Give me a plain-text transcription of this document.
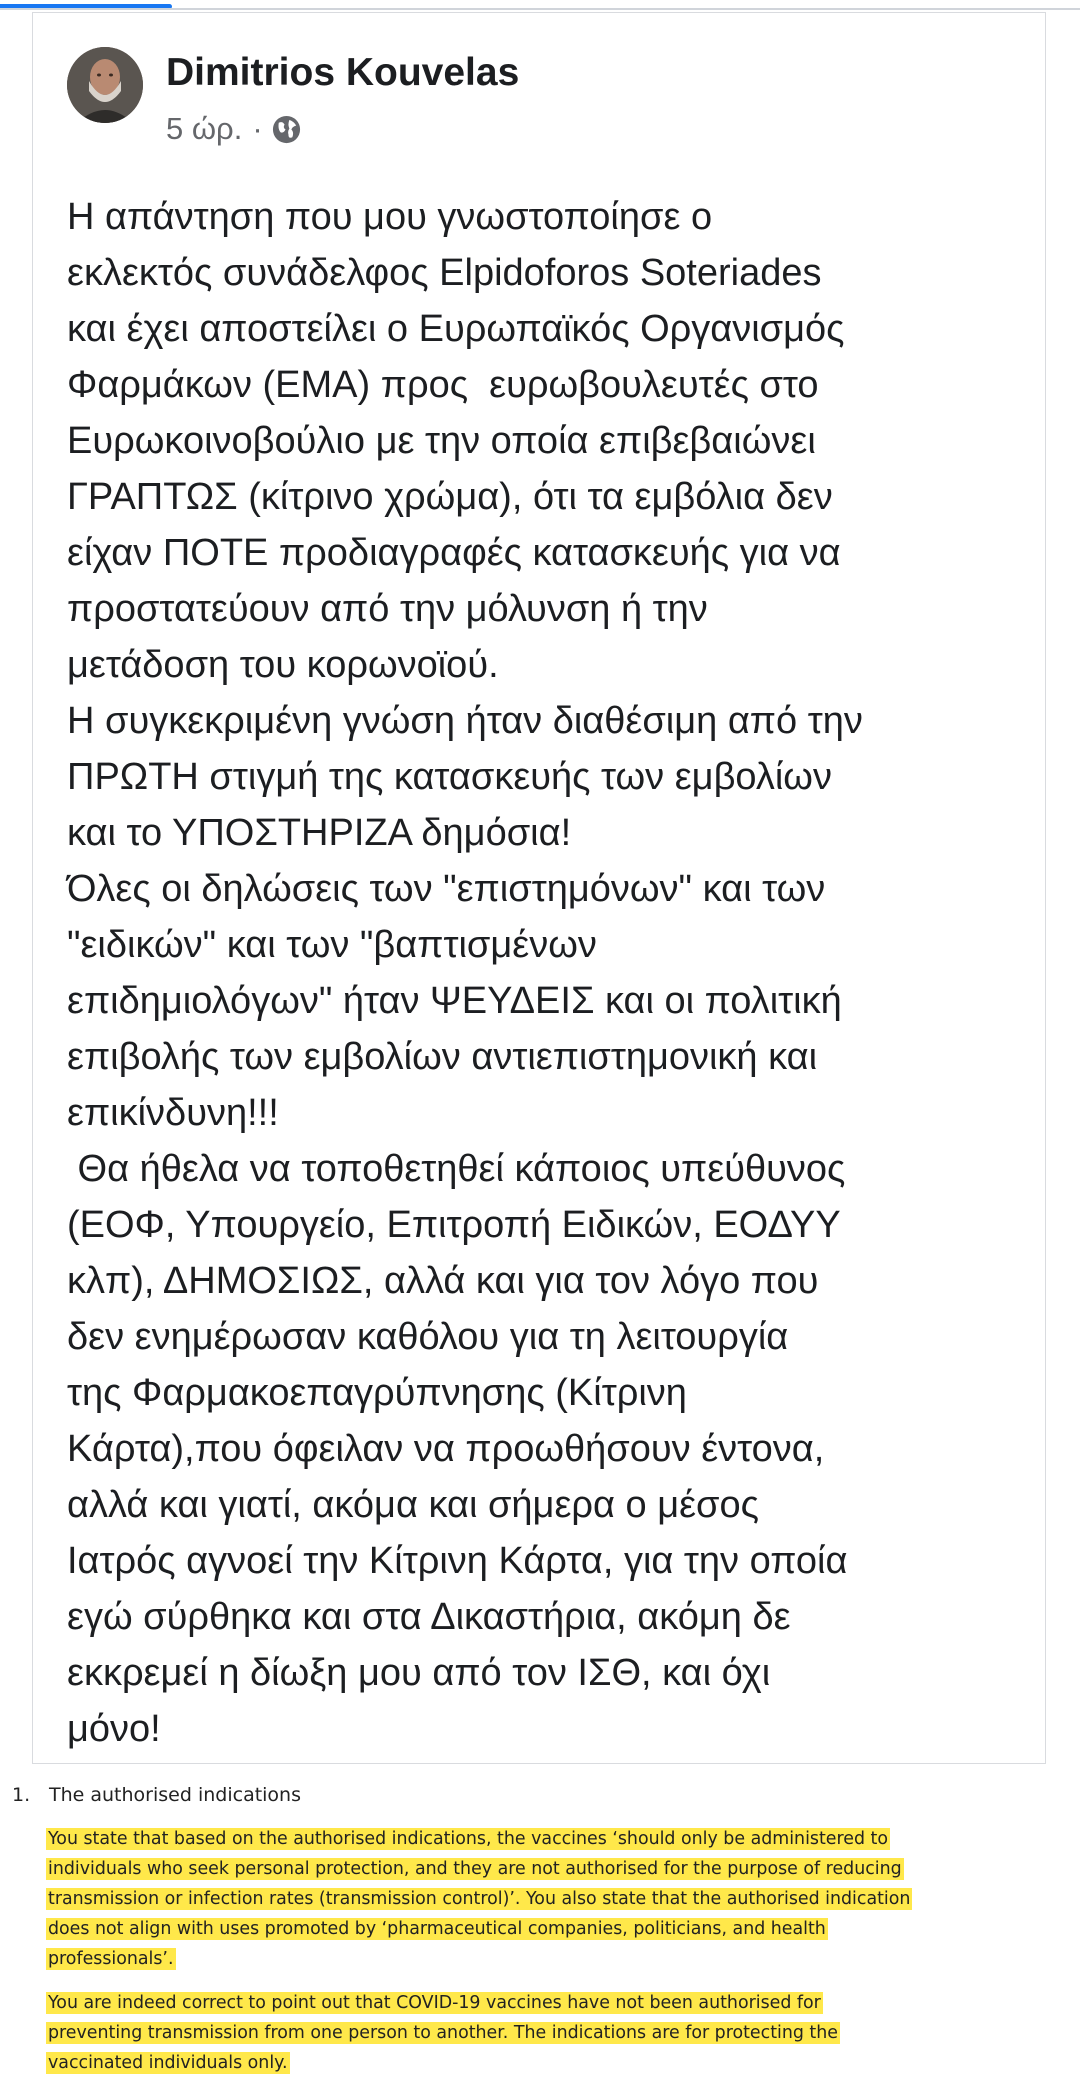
Dimitrios Kouvelas
5 ώρ. ·
Η απάντηση που μου γνωστοποίησε ο
εκλεκτός συνάδελφος Elpidoforos Soteriades
και έχει αποστείλει ο Ευρωπαϊκός Οργανισμός
Φαρμάκων (ΕΜΑ) προς  ευρωβουλευτές στο
Ευρωκοινοβούλιο με την οποία επιβεβαιώνει
ΓΡΑΠΤΩΣ (κίτρινο χρώμα), ότι τα εμβόλια δεν
είχαν ΠΟΤΕ προδιαγραφές κατασκευής για να
προστατεύουν από την μόλυνση ή την
μετάδοση του κορωνοϊού.
Η συγκεκριμένη γνώση ήταν διαθέσιμη από την
ΠΡΩΤΗ στιγμή της κατασκευής των εμβολίων
και το ΥΠΟΣΤΗΡΙΖΑ δημόσια!
Όλες οι δηλώσεις των "επιστημόνων" και των
"ειδικών" και των "βαπτισμένων
επιδημιολόγων" ήταν ΨΕΥΔΕΙΣ και οι πολιτική
επιβολής των εμβολίων αντιεπιστημονική και
επικίνδυνη!!!
Θα ήθελα να τοποθετηθεί κάποιος υπεύθυνος
(ΕΟΦ, Υπουργείο, Επιτροπή Ειδικών, ΕΟΔΥΥ
κλπ), ΔΗΜΟΣΙΩΣ, αλλά και για τον λόγο που
δεν ενημέρωσαν καθόλου για τη λειτουργία
της Φαρμακοεπαγρύπνησης (Κίτρινη
Κάρτα),που όφειλαν να προωθήσουν έντονα,
αλλά και γιατί, ακόμα και σήμερα ο μέσος
Ιατρός αγνοεί την Κίτρινη Κάρτα, για την οποία
εγώ σύρθηκα και στα Δικαστήρια, ακόμη δε
εκκρεμεί η δίωξη μου από τον ΙΣΘ, και όχι
μόνο!
1. The authorised indications
You state that based on the authorised indications, the vaccines ‘should only be administered to
individuals who seek personal protection, and they are not authorised for the purpose of reducing
transmission or infection rates (transmission control)’. You also state that the authorised indication
does not align with uses promoted by ‘pharmaceutical companies, politicians, and health
professionals’.
You are indeed correct to point out that COVID-19 vaccines have not been authorised for
preventing transmission from one person to another. The indications are for protecting the
vaccinated individuals only.
